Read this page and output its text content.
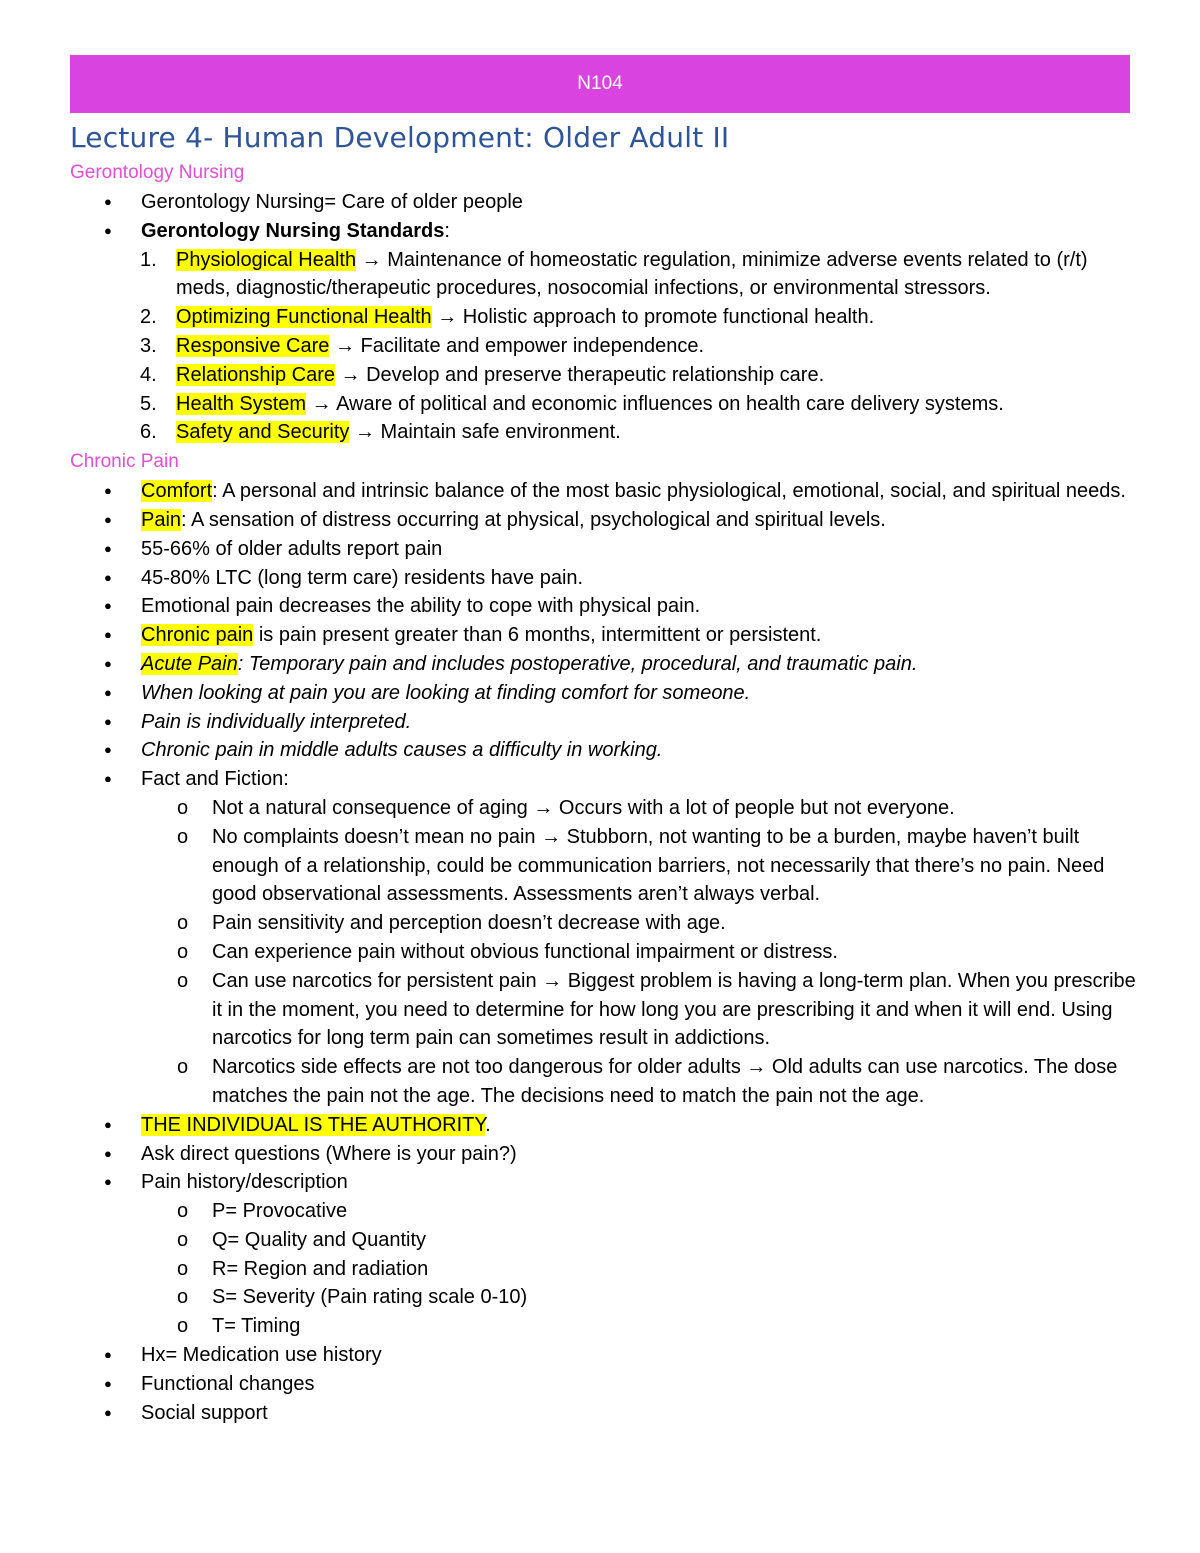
N104
Lecture 4- Human Development: Older Adult II
Gerontology Nursing
● Gerontology Nursing= Care of older people
● Gerontology Nursing Standards:
1. Physiological Health → Maintenance of homeostatic regulation, minimize adverse events related to (r/t) meds, diagnostic/therapeutic procedures, nosocomial infections, or environmental stressors.
2. Optimizing Functional Health → Holistic approach to promote functional health.
3. Responsive Care → Facilitate and empower independence.
4. Relationship Care → Develop and preserve therapeutic relationship care.
5. Health System → Aware of political and economic influences on health care delivery systems.
6. Safety and Security → Maintain safe environment.
Chronic Pain
● Comfort: A personal and intrinsic balance of the most basic physiological, emotional, social, and spiritual needs.
● Pain: A sensation of distress occurring at physical, psychological and spiritual levels.
● 55-66% of older adults report pain
● 45-80% LTC (long term care) residents have pain.
● Emotional pain decreases the ability to cope with physical pain.
● Chronic pain is pain present greater than 6 months, intermittent or persistent.
● Acute Pain: Temporary pain and includes postoperative, procedural, and traumatic pain.
● When looking at pain you are looking at finding comfort for someone.
● Pain is individually interpreted.
● Chronic pain in middle adults causes a difficulty in working.
● Fact and Fiction:
o Not a natural consequence of aging → Occurs with a lot of people but not everyone.
o No complaints doesn’t mean no pain → Stubborn, not wanting to be a burden, maybe haven’t built enough of a relationship, could be communication barriers, not necessarily that there’s no pain. Need good observational assessments. Assessments aren’t always verbal.
o Pain sensitivity and perception doesn’t decrease with age.
o Can experience pain without obvious functional impairment or distress.
o Can use narcotics for persistent pain → Biggest problem is having a long-term plan. When you prescribe it in the moment, you need to determine for how long you are prescribing it and when it will end. Using narcotics for long term pain can sometimes result in addictions.
o Narcotics side effects are not too dangerous for older adults → Old adults can use narcotics. The dose matches the pain not the age. The decisions need to match the pain not the age.
● THE INDIVIDUAL IS THE AUTHORITY.
● Ask direct questions (Where is your pain?)
● Pain history/description
o P= Provocative
o Q= Quality and Quantity
o R= Region and radiation
o S= Severity (Pain rating scale 0-10)
o T= Timing
● Hx= Medication use history
● Functional changes
● Social support
